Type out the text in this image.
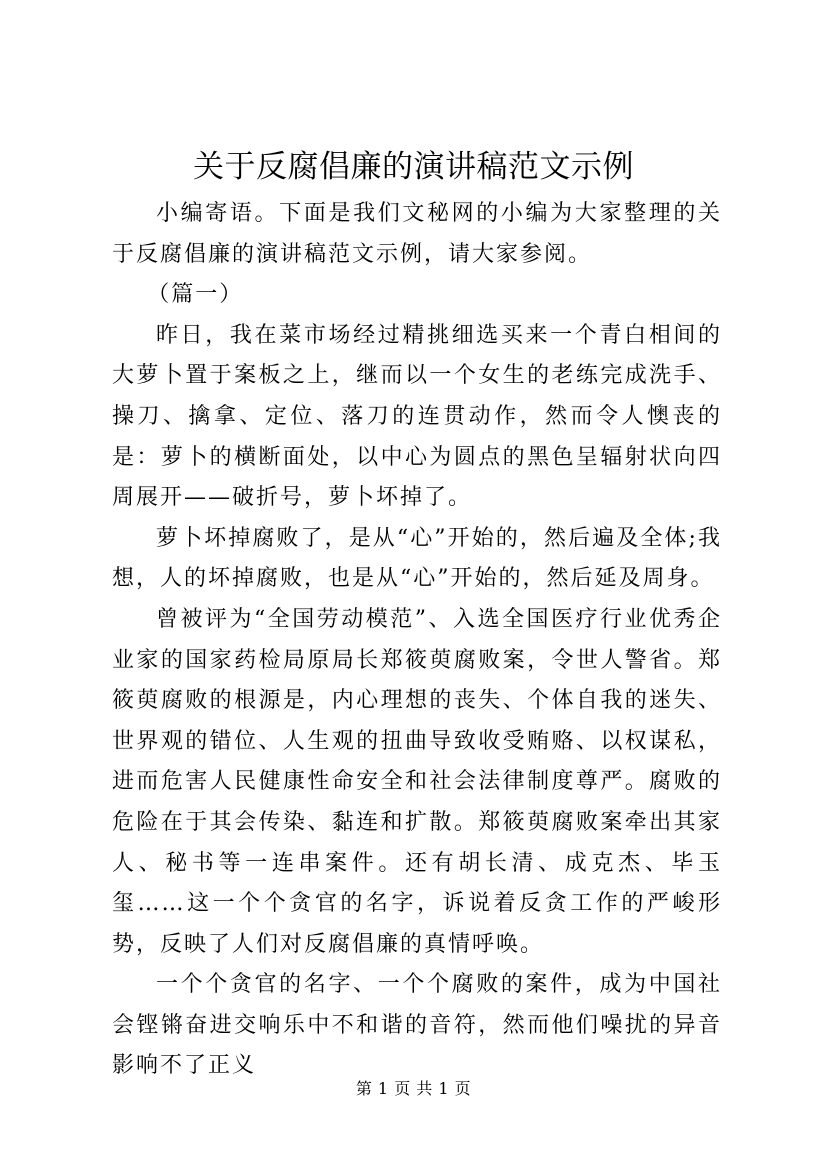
关于反腐倡廉的演讲稿范文示例

小编寄语。下面是我们文秘网的小编为大家整理的关于反腐倡廉的演讲稿范文示例，请大家参阅。

（篇一）

昨日，我在菜市场经过精挑细选买来一个青白相间的大萝卜置于案板之上，继而以一个女生的老练完成洗手、操刀、擒拿、定位、落刀的连贯动作，然而令人懊丧的是：萝卜的横断面处，以中心为圆点的黑色呈辐射状向四周展开——破折号，萝卜坏掉了。

萝卜坏掉腐败了，是从“心”开始的，然后遍及全体;我想，人的坏掉腐败，也是从“心”开始的，然后延及周身。

曾被评为“全国劳动模范”、入选全国医疗行业优秀企业家的国家药检局原局长郑筱萸腐败案，令世人警省。郑筱萸腐败的根源是，内心理想的丧失、个体自我的迷失、世界观的错位、人生观的扭曲导致收受贿赂、以权谋私，进而危害人民健康性命安全和社会法律制度尊严。腐败的危险在于其会传染、黏连和扩散。郑筱萸腐败案牵出其家人、秘书等一连串案件。还有胡长清、成克杰、毕玉玺……这一个个贪官的名字，诉说着反贪工作的严峻形势，反映了人们对反腐倡廉的真情呼唤。

一个个贪官的名字、一个个腐败的案件，成为中国社会铿锵奋进交响乐中不和谐的音符，然而他们噪扰的异音影响不了正义

第 1 页 共 1 页
